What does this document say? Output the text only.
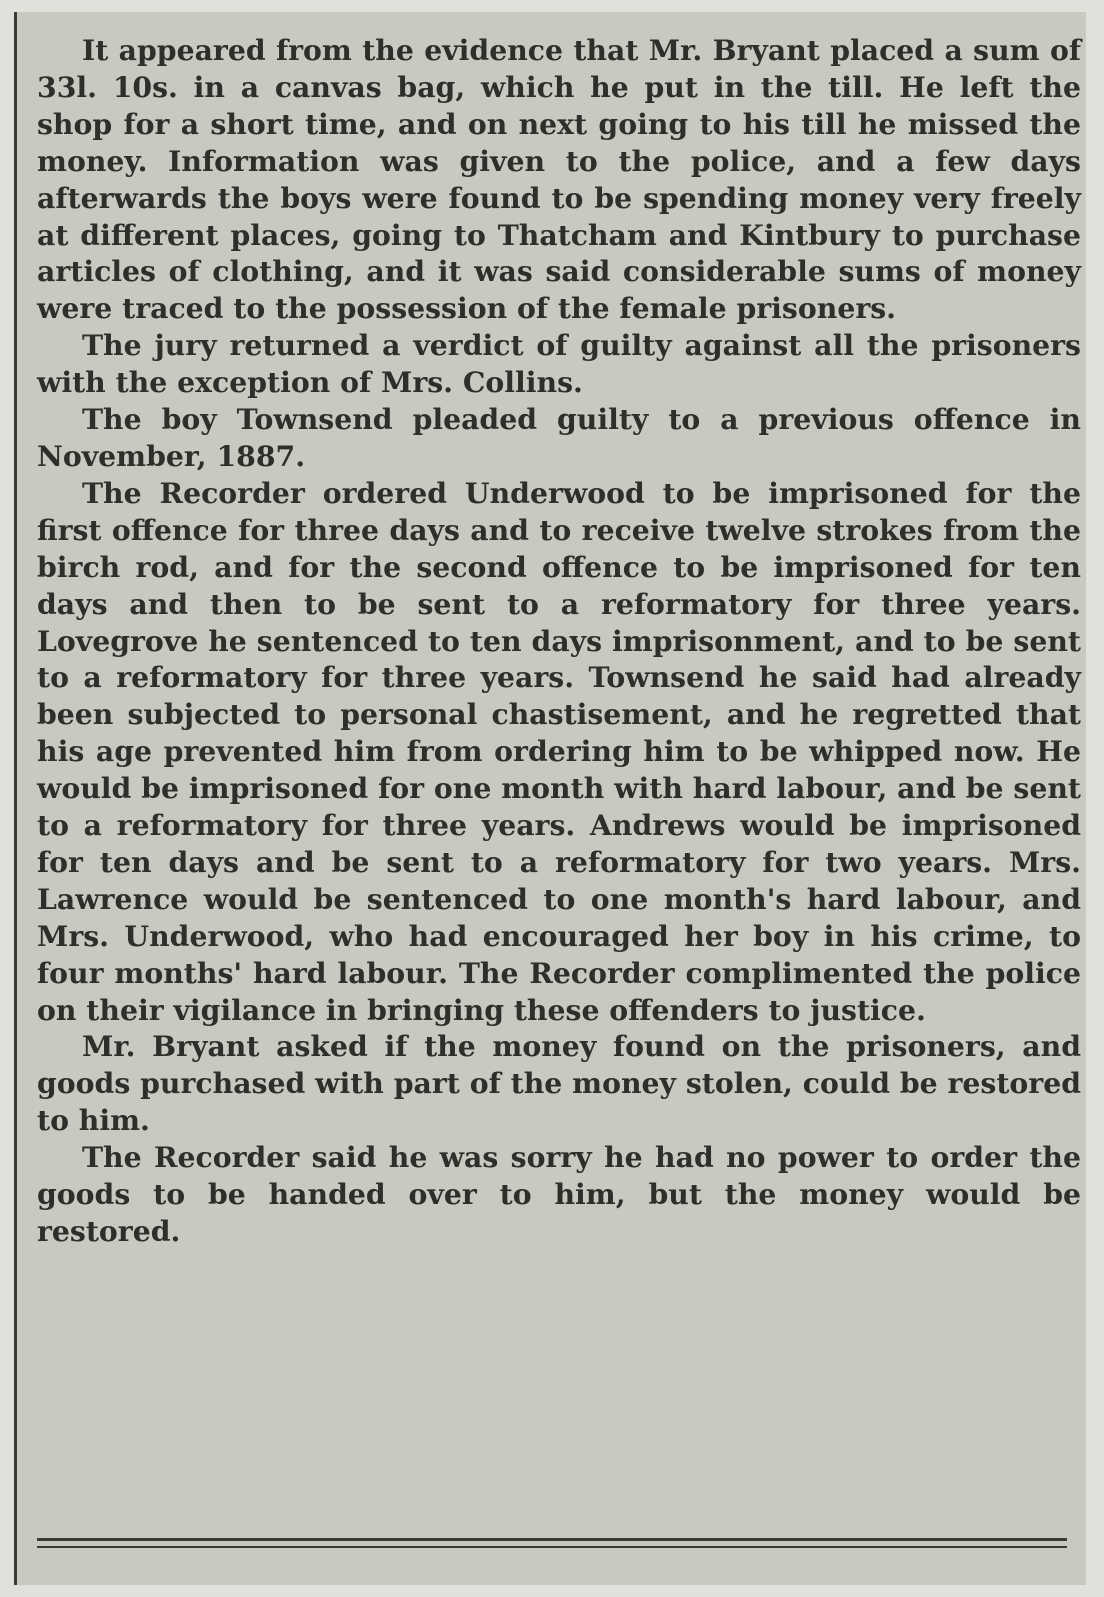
It appeared from the evidence that Mr. Bryant placed a sum of 33l. 10s. in a canvas bag, which he put in the till. He left the shop for a short time, and on next going to his till he missed the money. Information was given to the police, and a few days afterwards the boys were found to be spending money very freely at different places, going to Thatcham and Kintbury to purchase articles of clothing, and it was said considerable sums of money were traced to the possession of the female prisoners.

The jury returned a verdict of guilty against all the prisoners with the exception of Mrs. Collins.

The boy Townsend pleaded guilty to a previous offence in November, 1887.

The Recorder ordered Underwood to be imprisoned for the first offence for three days and to receive twelve strokes from the birch rod, and for the second offence to be imprisoned for ten days and then to be sent to a reformatory for three years. Lovegrove he sentenced to ten days imprisonment, and to be sent to a reformatory for three years. Townsend he said had already been subjected to personal chastisement, and he regretted that his age prevented him from ordering him to be whipped now. He would be imprisoned for one month with hard labour, and be sent to a reformatory for three years. Andrews would be imprisoned for ten days and be sent to a reformatory for two years. Mrs. Lawrence would be sentenced to one month's hard labour, and Mrs. Underwood, who had encouraged her boy in his crime, to four months' hard labour. The Recorder complimented the police on their vigilance in bringing these offenders to justice.

Mr. Bryant asked if the money found on the prisoners, and goods purchased with part of the money stolen, could be restored to him.

The Recorder said he was sorry he had no power to order the goods to be handed over to him, but the money would be restored.
